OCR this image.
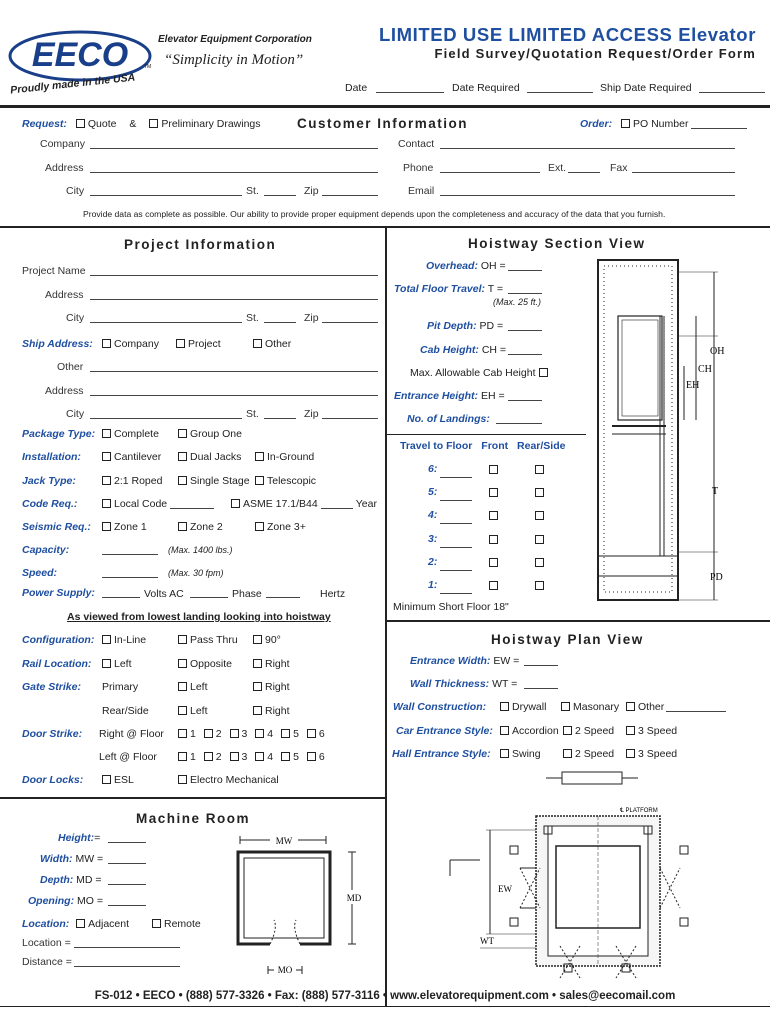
EECO
Proudly made in the USA
Elevator Equipment Corporation
“Simplicity in Motion”
TM
LIMITED USE LIMITED ACCESS Elevator
Field Survey/Quotation Request/Order Form
Date	Date Required	Ship Date Required
Request: Quote & Preliminary Drawings	Customer Information	Order: PO Number
Company	Contact
Address	Phone	Ext.	Fax
City	St.	Zip	Email
Provide data as complete as possible. Our ability to provide proper equipment depends upon the completeness and accuracy of the data that you furnish.
Project Information
Project Name
Address
City	St.	Zip
Ship Address:	Company	Project	Other
Other
Address
City	St.	Zip
Package Type:	Complete	Group One
Installation:	Cantilever	Dual Jacks	In-Ground
Jack Type:	2:1 Roped	Single Stage	Telescopic
Code Req.:	Local Code	ASME 17.1/B44	Year
Seismic Req.:	Zone 1	Zone 2	Zone 3+
Capacity:	(Max. 1400 lbs.)
Speed:	(Max. 30 fpm)
Power Supply:	Volts AC	Phase	Hertz
As viewed from lowest landing looking into hoistway
Configuration:	In-Line	Pass Thru	90°
Rail Location:	Left	Opposite	Right
Gate Strike: Primary	Left	Right
Rear/Side	Left	Right
Door Strike: Right @ Floor	1 2 3 4 5 6
Left @ Floor	1 2 3 4 5 6
Door Locks:	ESL	Electro Mechanical
Machine Room
Height:=
Width: MW =
Depth: MD =
Opening: MO =
Location: Adjacent	Remote
Location =
Distance =
MW
MD
MO
Hoistway Section View
Overhead: OH =
Total Floor Travel: T =
(Max. 25 ft.)
Pit Depth: PD =
Cab Height: CH =
Max. Allowable Cab Height
Entrance Height: EH =
No. of Landings:
Travel to Floor Front Rear/Side
6:
5:
4:
3:
2:
1:
Minimum Short Floor 18"
OH
CH
EH
T
PD
Hoistway Plan View
Entrance Width: EW =
Wall Thickness: WT =
Wall Construction:	Drywall	Masonary	Other
Car Entrance Style:	Accordion	2 Speed	3 Speed
Hall Entrance Style:	Swing	2 Speed	3 Speed
℄ PLATFORM
EW
WT
FS-012 • EECO • (888) 577-3326 • Fax: (888) 577-3116 • www.elevatorequipment.com • sales@eecomail.com
